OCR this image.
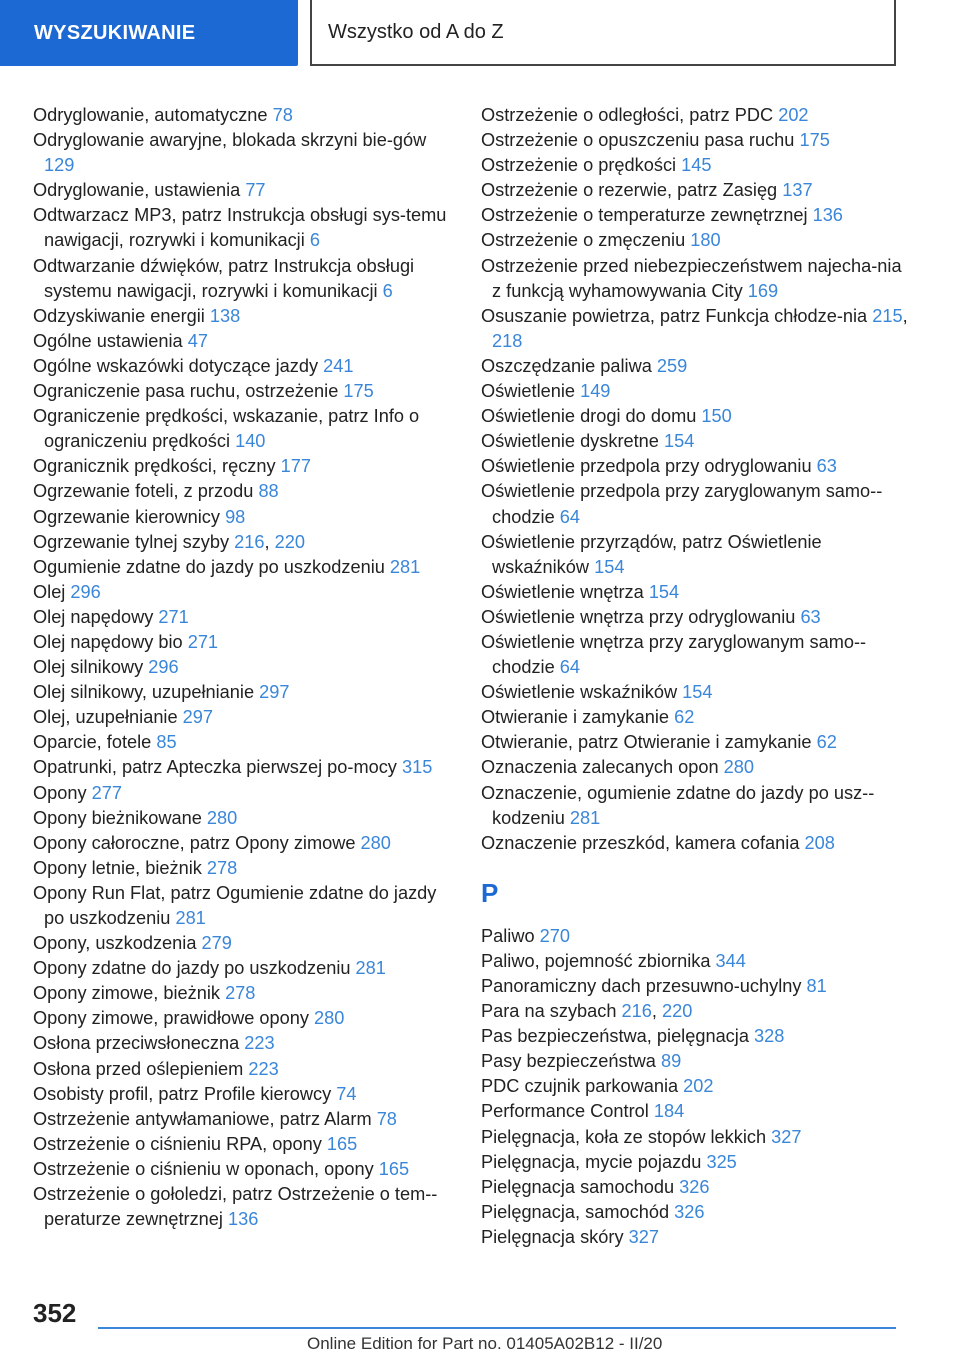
WYSZUKIWANIE	Wszystko od A do Z
Odryglowanie, automatyczne 78
Odryglowanie awaryjne, blokada skrzyni bie-gów 129
Odryglowanie, ustawienia 77
Odtwarzacz MP3, patrz Instrukcja obsługi sys-temu nawigacji, rozrywki i komunikacji 6
Odtwarzanie dźwięków, patrz Instrukcja obsługi systemu nawigacji, rozrywki i komunikacji 6
Odzyskiwanie energii 138
Ogólne ustawienia 47
Ogólne wskazówki dotyczące jazdy 241
Ograniczenie pasa ruchu, ostrzeżenie 175
Ograniczenie prędkości, wskazanie, patrz Info o ograniczeniu prędkości 140
Ogranicznik prędkości, ręczny 177
Ogrzewanie foteli, z przodu 88
Ogrzewanie kierownicy 98
Ogrzewanie tylnej szyby 216, 220
Ogumienie zdatne do jazdy po uszkodzeniu 281
Olej 296
Olej napędowy 271
Olej napędowy bio 271
Olej silnikowy 296
Olej silnikowy, uzupełnianie 297
Olej, uzupełnianie 297
Oparcie, fotele 85
Opatrunki, patrz Apteczka pierwszej po-mocy 315
Opony 277
Opony bieżnikowane 280
Opony całoroczne, patrz Opony zimowe 280
Opony letnie, bieżnik 278
Opony Run Flat, patrz Ogumienie zdatne do jazdy po uszkodzeniu 281
Opony, uszkodzenia 279
Opony zdatne do jazdy po uszkodzeniu 281
Opony zimowe, bieżnik 278
Opony zimowe, prawidłowe opony 280
Osłona przeciwsłoneczna 223
Osłona przed oślepieniem 223
Osobisty profil, patrz Profile kierowcy 74
Ostrzeżenie antywłamaniowe, patrz Alarm 78
Ostrzeżenie o ciśnieniu RPA, opony 165
Ostrzeżenie o ciśnieniu w oponach, opony 165
Ostrzeżenie o gołoledzi, patrz Ostrzeżenie o tem-peraturze zewnętrznej 136
Ostrzeżenie o odległości, patrz PDC 202
Ostrzeżenie o opuszczeniu pasa ruchu 175
Ostrzeżenie o prędkości 145
Ostrzeżenie o rezerwie, patrz Zasięg 137
Ostrzeżenie o temperaturze zewnętrznej 136
Ostrzeżenie o zmęczeniu 180
Ostrzeżenie przed niebezpieczeństwem najecha-nia z funkcją wyhamowywania City 169
Osuszanie powietrza, patrz Funkcja chłodze-nia 215, 218
Oszczędzanie paliwa 259
Oświetlenie 149
Oświetlenie drogi do domu 150
Oświetlenie dyskretne 154
Oświetlenie przedpola przy odryglowaniu 63
Oświetlenie przedpola przy zaryglowanym samo-chodzie 64
Oświetlenie przyrządów, patrz Oświetlenie wskaźników 154
Oświetlenie wnętrza 154
Oświetlenie wnętrza przy odryglowaniu 63
Oświetlenie wnętrza przy zaryglowanym samo-chodzie 64
Oświetlenie wskaźników 154
Otwieranie i zamykanie 62
Otwieranie, patrz Otwieranie i zamykanie 62
Oznaczenia zalecanych opon 280
Oznaczenie, ogumienie zdatne do jazdy po usz-kodzeniu 281
Oznaczenie przeszkód, kamera cofania 208
P
Paliwo 270
Paliwo, pojemność zbiornika 344
Panoramiczny dach przesuwno-uchylny 81
Para na szybach 216, 220
Pas bezpieczeństwa, pielęgnacja 328
Pasy bezpieczeństwa 89
PDC czujnik parkowania 202
Performance Control 184
Pielęgnacja, koła ze stopów lekkich 327
Pielęgnacja, mycie pojazdu 325
Pielęgnacja samochodu 326
Pielęgnacja, samochód 326
Pielęgnacja skóry 327
352
Online Edition for Part no. 01405A02B12 - II/20
